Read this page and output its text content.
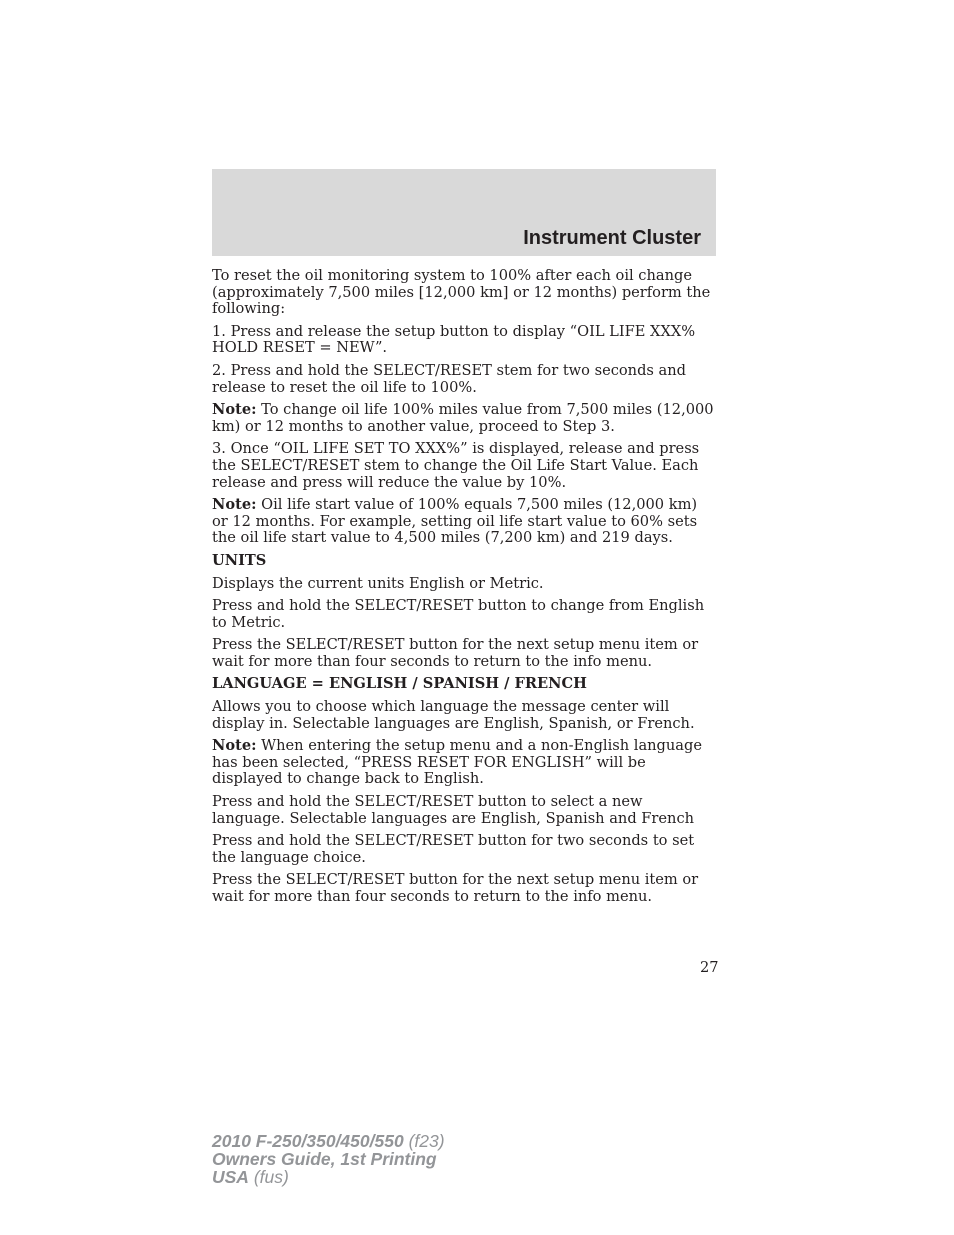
Instrument Cluster

To reset the oil monitoring system to 100% after each oil change (approximately 7,500 miles [12,000 km] or 12 months) perform the following:

1. Press and release the setup button to display “OIL LIFE XXX% HOLD RESET = NEW”.

2. Press and hold the SELECT/RESET stem for two seconds and release to reset the oil life to 100%.

Note: To change oil life 100% miles value from 7,500 miles (12,000 km) or 12 months to another value, proceed to Step 3.

3. Once “OIL LIFE SET TO XXX%” is displayed, release and press the SELECT/RESET stem to change the Oil Life Start Value. Each release and press will reduce the value by 10%.

Note: Oil life start value of 100% equals 7,500 miles (12,000 km) or 12 months. For example, setting oil life start value to 60% sets the oil life start value to 4,500 miles (7,200 km) and 219 days.

UNITS

Displays the current units English or Metric.

Press and hold the SELECT/RESET button to change from English to Metric.

Press the SELECT/RESET button for the next setup menu item or wait for more than four seconds to return to the info menu.

LANGUAGE = ENGLISH / SPANISH / FRENCH

Allows you to choose which language the message center will display in. Selectable languages are English, Spanish, or French.

Note: When entering the setup menu and a non-English language has been selected, “PRESS RESET FOR ENGLISH” will be displayed to change back to English.

Press and hold the SELECT/RESET button to select a new language. Selectable languages are English, Spanish and French

Press and hold the SELECT/RESET button for two seconds to set the language choice.

Press the SELECT/RESET button for the next setup menu item or wait for more than four seconds to return to the info menu.

27
2010 F-250/350/450/550 (f23)
Owners Guide, 1st Printing
USA (fus)
